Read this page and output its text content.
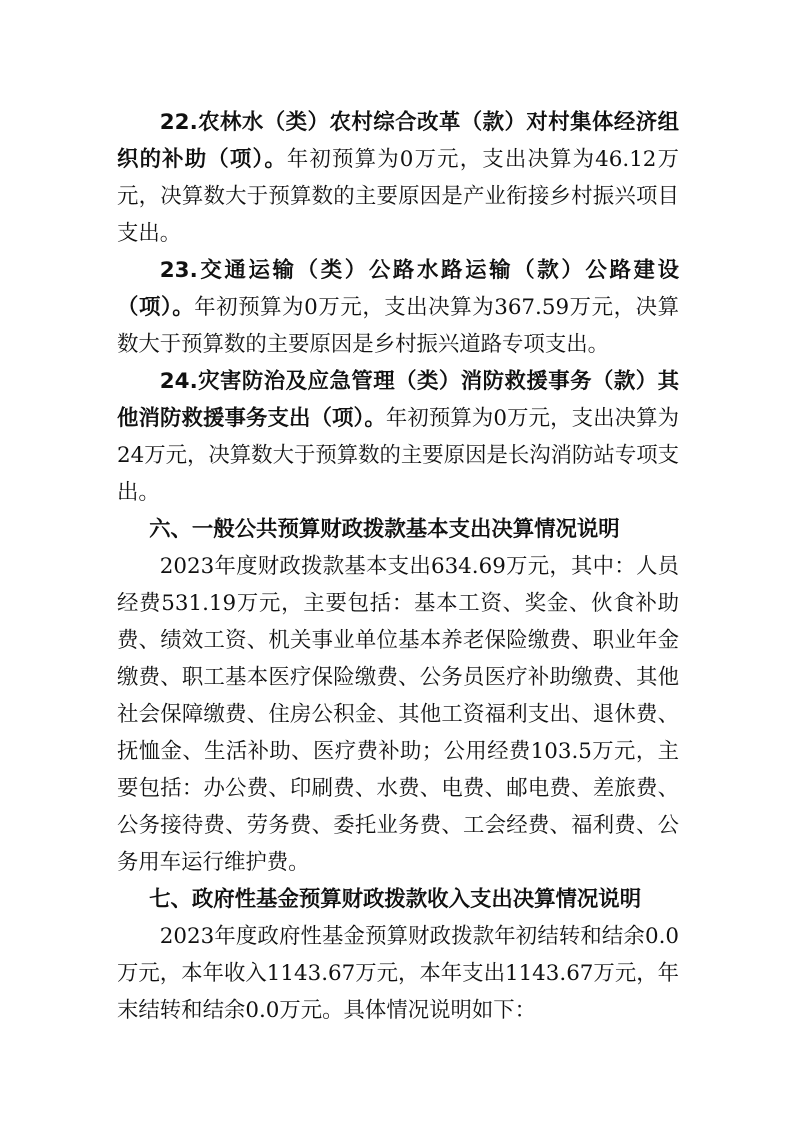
22.农林水（类）农村综合改革（款）对村集体经济组织的补助（项）。年初预算为0万元，支出决算为46.12万元，决算数大于预算数的主要原因是产业衔接乡村振兴项目支出。

23.交通运输（类）公路水路运输（款）公路建设（项）。年初预算为0万元，支出决算为367.59万元，决算数大于预算数的主要原因是乡村振兴道路专项支出。

24.灾害防治及应急管理（类）消防救援事务（款）其他消防救援事务支出（项）。年初预算为0万元，支出决算为24万元，决算数大于预算数的主要原因是长沟消防站专项支出。

六、一般公共预算财政拨款基本支出决算情况说明

2023年度财政拨款基本支出634.69万元，其中：人员经费531.19万元，主要包括：基本工资、奖金、伙食补助费、绩效工资、机关事业单位基本养老保险缴费、职业年金缴费、职工基本医疗保险缴费、公务员医疗补助缴费、其他社会保障缴费、住房公积金、其他工资福利支出、退休费、抚恤金、生活补助、医疗费补助；公用经费103.5万元，主要包括：办公费、印刷费、水费、电费、邮电费、差旅费、公务接待费、劳务费、委托业务费、工会经费、福利费、公务用车运行维护费。

七、政府性基金预算财政拨款收入支出决算情况说明

2023年度政府性基金预算财政拨款年初结转和结余0.0万元，本年收入1143.67万元，本年支出1143.67万元，年末结转和结余0.0万元。具体情况说明如下：
